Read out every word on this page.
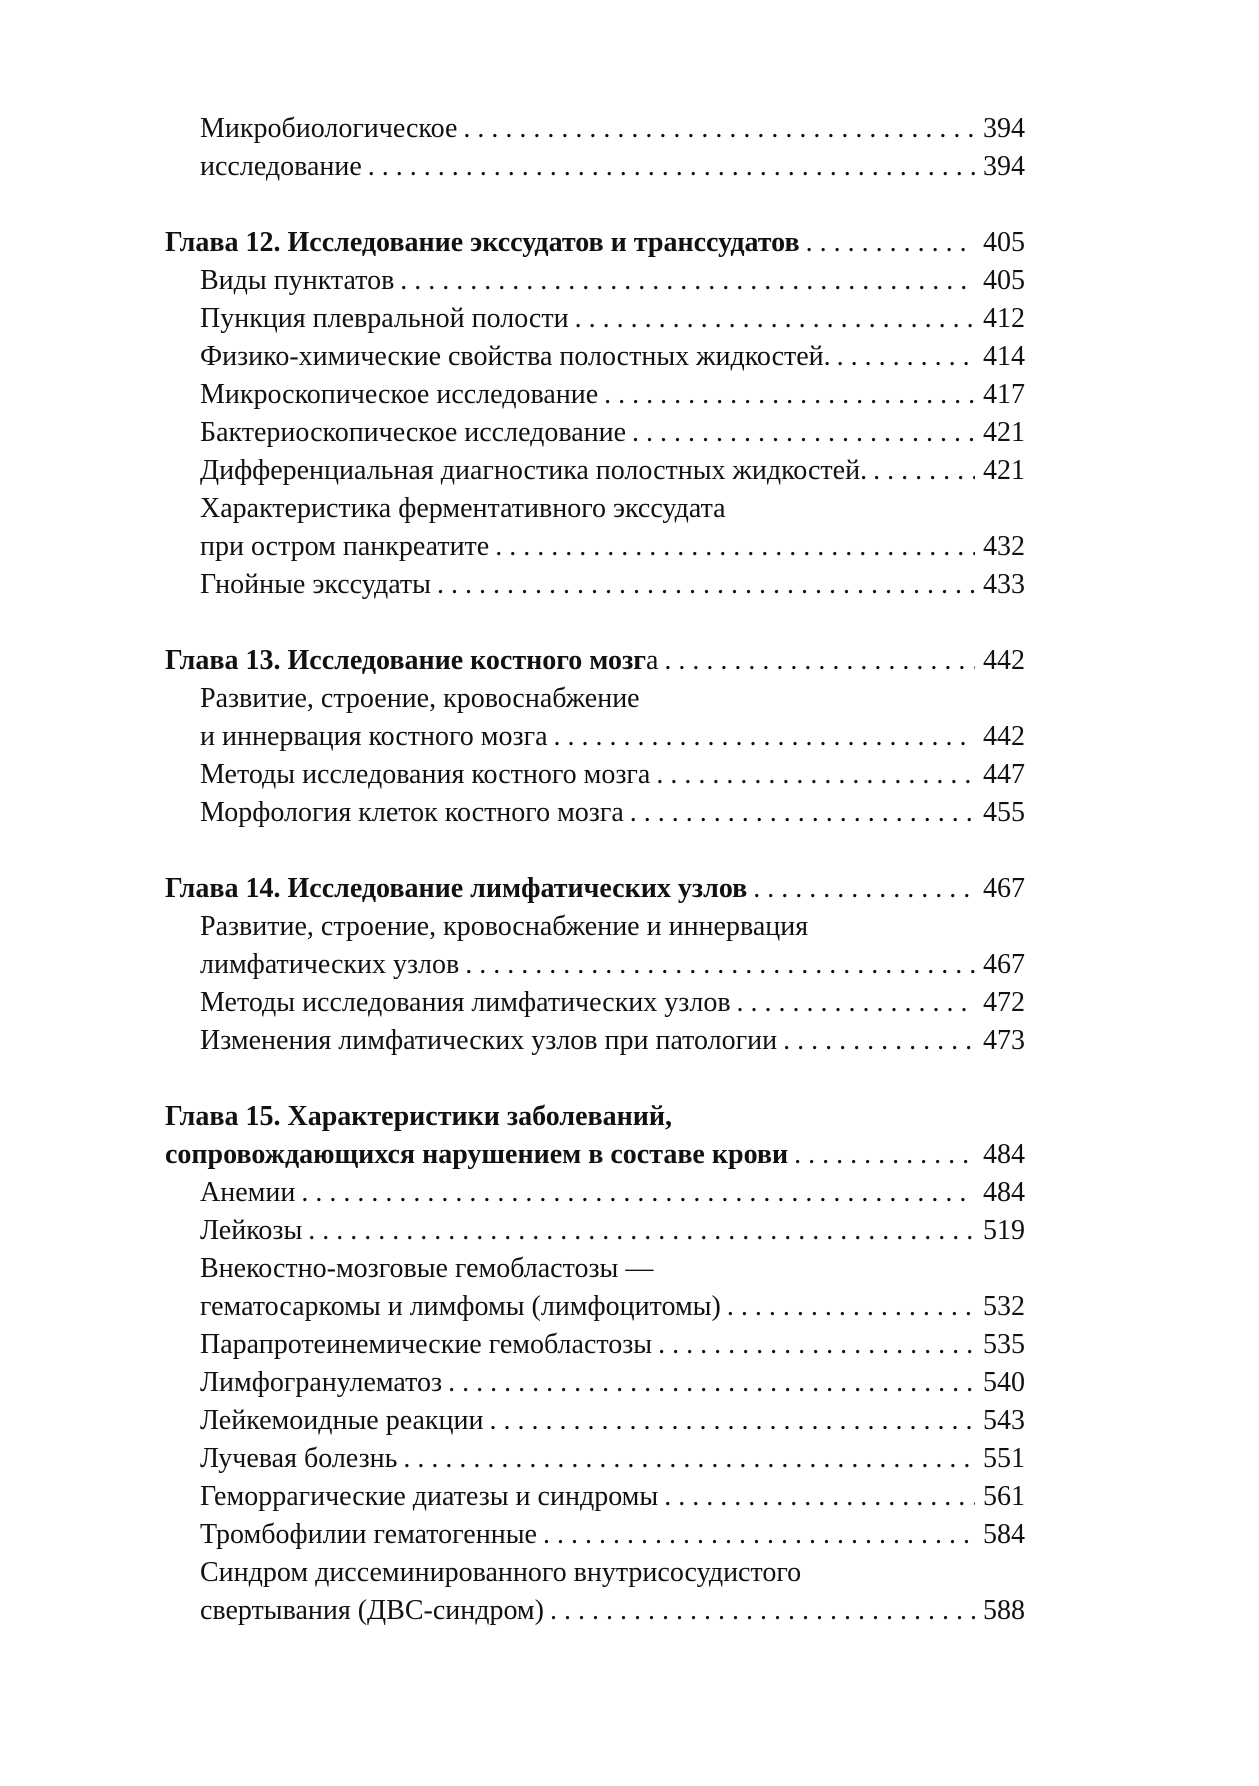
Микробиологическое . . .	394
исследование . . .	394
Глава 12. Исследование экссудатов и транссудатов . . .	405
Виды пунктатов . . .	405
Пункция плевральной полости . . .	412
Физико-химические свойства полостных жидкостей. . . .	414
Микроскопическое исследование . . .	417
Бактериоскопическое исследование . . .	421
Дифференциальная диагностика полостных жидкостей. . . .	421
Характеристика ферментативного экссудата
при остром панкреатите . . .	432
Гнойные экссудаты . . .	433
Глава 13. Исследование костного мозга . . .	442
Развитие, строение, кровоснабжение
и иннервация костного мозга . . .	442
Методы исследования костного мозга . . .	447
Морфология клеток костного мозга . . .	455
Глава 14. Исследование лимфатических узлов . . .	467
Развитие, строение, кровоснабжение и иннервация
лимфатических узлов . . .	467
Методы исследования лимфатических узлов . . .	472
Изменения лимфатических узлов при патологии . . .	473
Глава 15. Характеристики заболеваний,
сопровождающихся нарушением в составе крови . . .	484
Анемии . . .	484
Лейкозы . . .	519
Внекостно-мозговые гемобластозы —
гематосаркомы и лимфомы (лимфоцитомы) . . .	532
Парапротеинемические гемобластозы . . .	535
Лимфогранулематоз . . .	540
Лейкемоидные реакции . . .	543
Лучевая болезнь . . .	551
Геморрагические диатезы и синдромы . . .	561
Тромбофилии гематогенные . . .	584
Синдром диссеминированного внутрисосудистого
свертывания (ДВС-синдром) . . .	588
